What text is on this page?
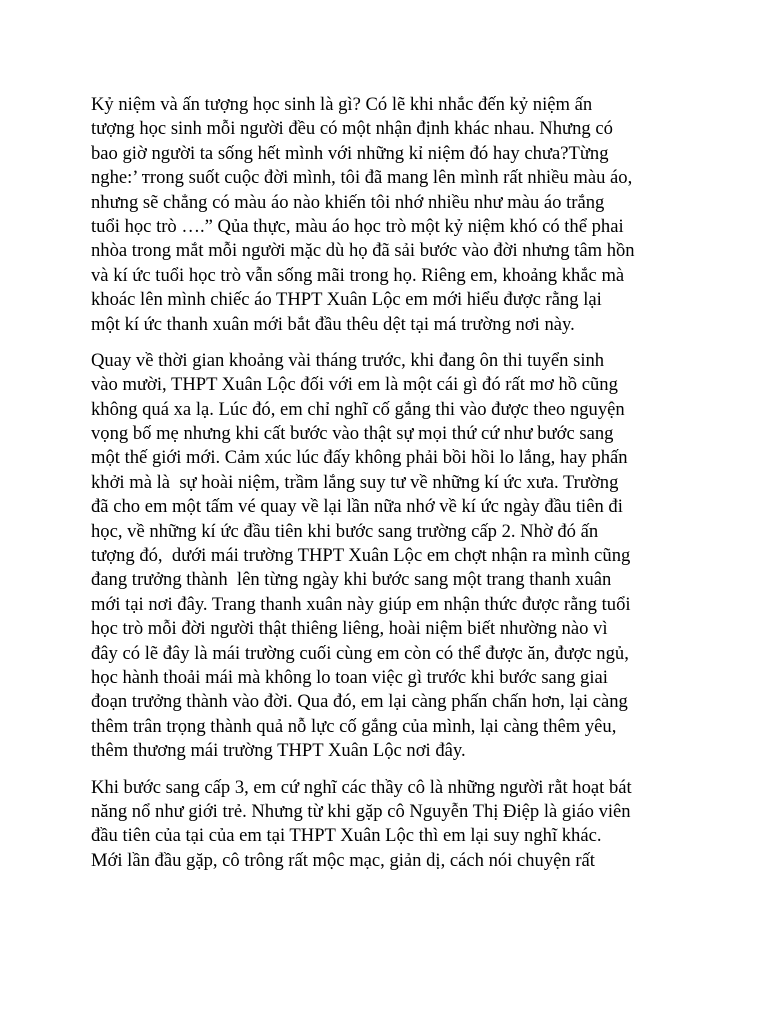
Kỷ niệm và ấn tượng học sinh là gì? Có lẽ khi nhắc đến kỷ niệm ấn
tượng học sinh mỗi người đều có một nhận định khác nhau. Nhưng có
bao giờ người ta sống hết mình với những kỉ niệm đó hay chưa?Từng
nghe:’ ᴛrong suốt cuộc đời mình, tôi đã mang lên mình rất nhiều màu áo,
nhưng sẽ chẳng có màu áo nào khiến tôi nhớ nhiều như màu áo trắng
tuổi học trò ….” Qủa thực, màu áo học trò một kỷ niệm khó có thể phai
nhòa trong mắt mỗi người mặc dù họ đã sải bước vào đời nhưng tâm hồn
và kí ức tuổi học trò vẫn sống mãi trong họ. Riêng em, khoảng khắc mà
khoác lên mình chiếc áo THPT Xuân Lộc em mới hiểu được rằng lại
một kí ức thanh xuân mới bắt đầu thêu dệt tại má trường nơi này.

Quay về thời gian khoảng vài tháng trước, khi đang ôn thi tuyển sinh
vào mười, THPT Xuân Lộc đối với em là một cái gì đó rất mơ hồ cũng
không quá xa lạ. Lúc đó, em chỉ nghĩ cố gắng thi vào được theo nguyện
vọng bố mẹ nhưng khi cất bước vào thật sự mọi thứ cứ như bước sang
một thế giới mới. Cảm xúc lúc đấy không phải bồi hồi lo lắng, hay phấn
khởi mà là  sự hoài niệm, trầm lắng suy tư về những kí ức xưa. Trường
đã cho em một tấm vé quay về lại lần nữa nhớ về kí ức ngày đầu tiên đi
học, về những kí ức đầu tiên khi bước sang trường cấp 2. Nhờ đó ấn
tượng đó,  dưới mái trường THPT Xuân Lộc em chợt nhận ra mình cũng
đang trưởng thành  lên từng ngày khi bước sang một trang thanh xuân
mới tại nơi đây. Trang thanh xuân này giúp em nhận thức được rằng tuổi
học trò mỗi đời người thật thiêng liêng, hoài niệm biết nhường nào vì
đây có lẽ đây là mái trường cuối cùng em còn có thể được ăn, được ngủ,
học hành thoải mái mà không lo toan việc gì trước khi bước sang giai
đoạn trưởng thành vào đời. Qua đó, em lại càng phấn chấn hơn, lại càng
thêm trân trọng thành quả nỗ lực cố gắng của mình, lại càng thêm yêu,
thêm thương mái trường THPT Xuân Lộc nơi đây.

Khi bước sang cấp 3, em cứ nghĩ các thầy cô là những người rằt hoạt bát
năng nổ như giới trẻ. Nhưng từ khi gặp cô Nguyễn Thị Điệp là giáo viên
đầu tiên của tại của em tại THPT Xuân Lộc thì em lại suy nghĩ khác.
Mới lần đầu gặp, cô trông rất mộc mạc, giản dị, cách nói chuyện rất
